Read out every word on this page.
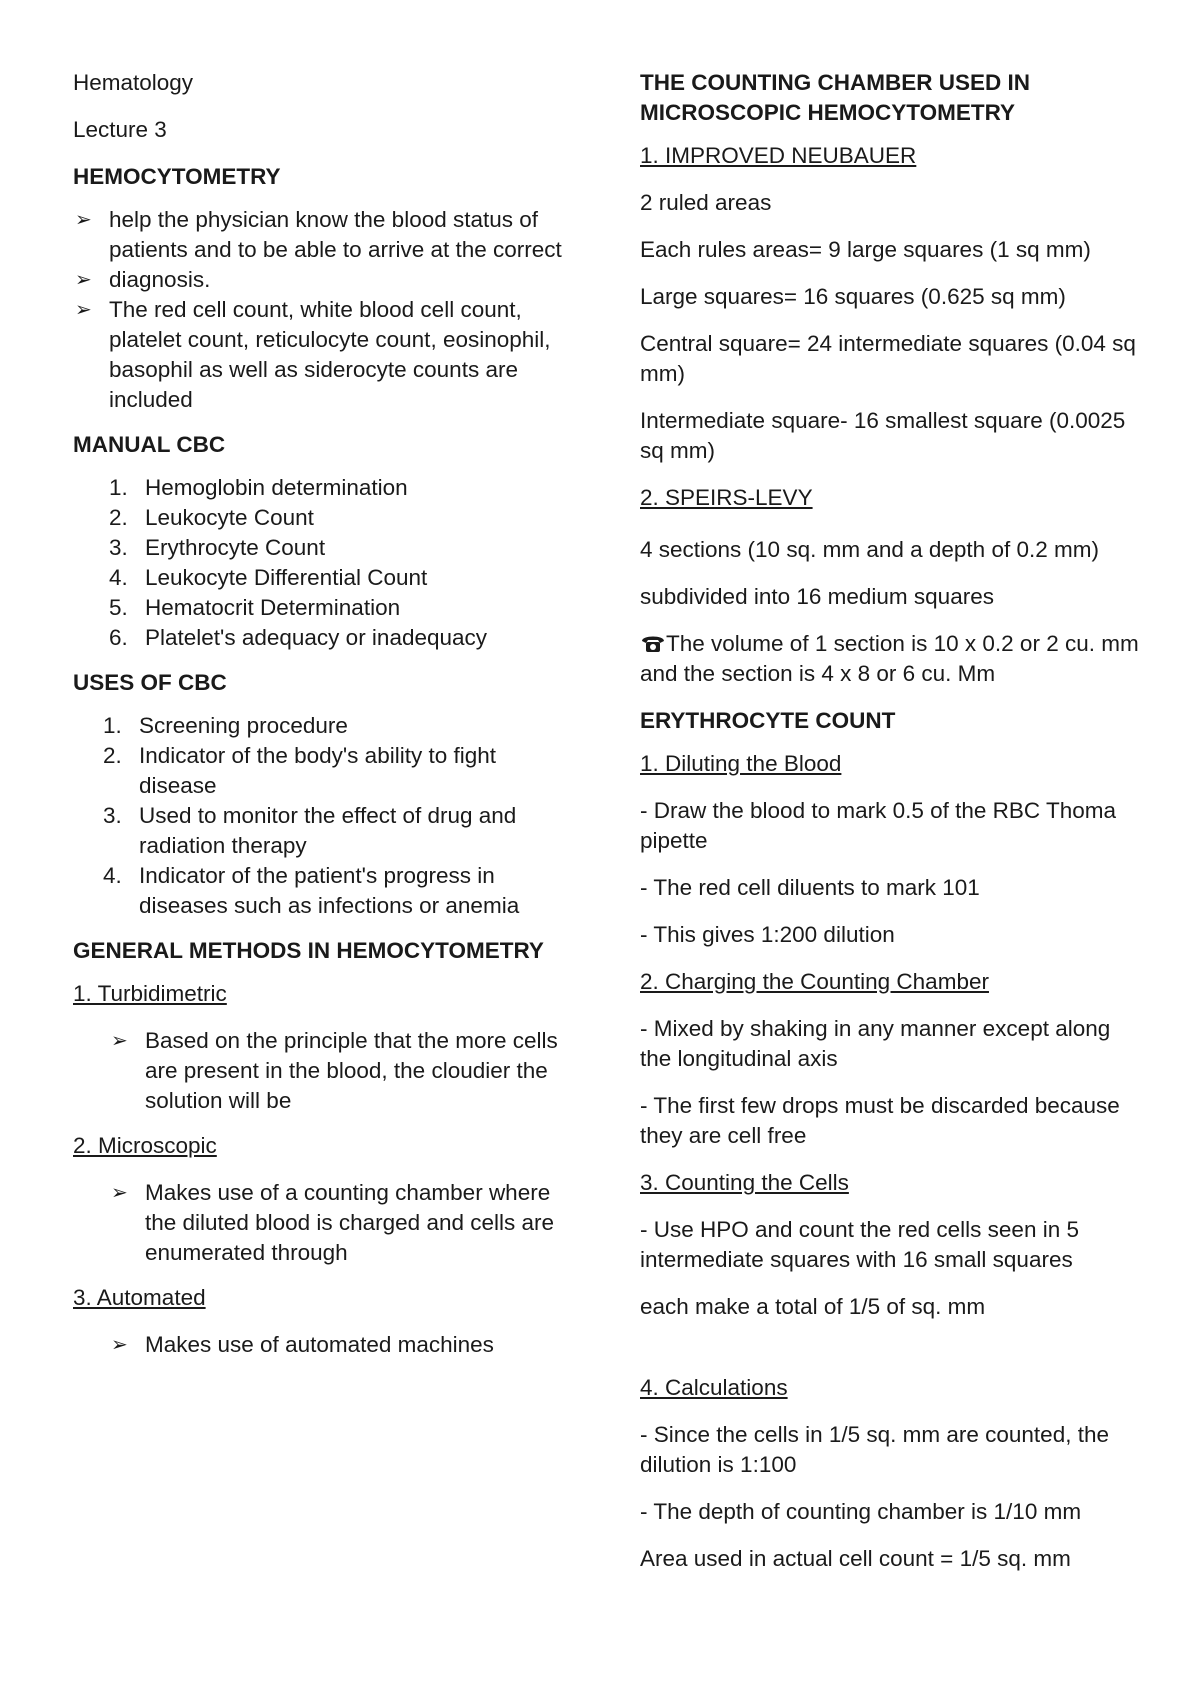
Hematology

Lecture 3

HEMOCYTOMETRY

➢ help the physician know the blood status of patients and to be able to arrive at the correct
➢ diagnosis.
➢ The red cell count, white blood cell count, platelet count, reticulocyte count, eosinophil, basophil as well as siderocyte counts are included

MANUAL CBC

1. Hemoglobin determination
2. Leukocyte Count
3. Erythrocyte Count
4. Leukocyte Differential Count
5. Hematocrit Determination
6. Platelet's adequacy or inadequacy

USES OF CBC

1. Screening procedure
2. Indicator of the body's ability to fight disease
3. Used to monitor the effect of drug and radiation therapy
4. Indicator of the patient's progress in diseases such as infections or anemia

GENERAL METHODS IN HEMOCYTOMETRY

1. Turbidimetric

➢ Based on the principle that the more cells are present in the blood, the cloudier the solution will be

2. Microscopic

➢ Makes use of a counting chamber where the diluted blood is charged and cells are enumerated through

3. Automated

➢ Makes use of automated machines

THE COUNTING CHAMBER USED IN MICROSCOPIC HEMOCYTOMETRY

1. IMPROVED NEUBAUER

2 ruled areas

Each rules areas= 9 large squares (1 sq mm)

Large squares= 16 squares (0.625 sq mm)

Central square= 24 intermediate squares (0.04 sq mm)

Intermediate square- 16 smallest square (0.0025 sq mm)

2. SPEIRS-LEVY

4 sections (10 sq. mm and a depth of 0.2 mm)

subdivided into 16 medium squares

The volume of 1 section is 10 x 0.2 or 2 cu. mm and the section is 4 x 8 or 6 cu. Mm

ERYTHROCYTE COUNT

1. Diluting the Blood

- Draw the blood to mark 0.5 of the RBC Thoma pipette

- The red cell diluents to mark 101

- This gives 1:200 dilution

2. Charging the Counting Chamber

- Mixed by shaking in any manner except along the longitudinal axis

- The first few drops must be discarded because they are cell free

3. Counting the Cells

- Use HPO and count the red cells seen in 5 intermediate squares with 16 small squares

each make a total of 1/5 of sq. mm

4. Calculations

- Since the cells in 1/5 sq. mm are counted, the dilution is 1:100

- The depth of counting chamber is 1/10 mm

Area used in actual cell count = 1/5 sq. mm
